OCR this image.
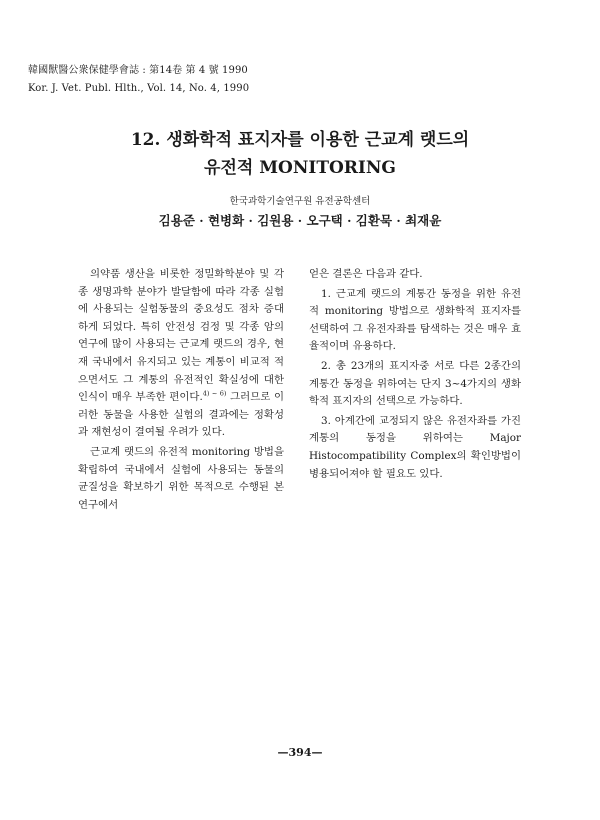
韓國獸醫公衆保健學會誌 : 第14卷 第 4 號 1990
Kor. J. Vet. Publ. Hlth., Vol. 14, No. 4, 1990
12. 생화학적 표지자를 이용한 근교계 랫드의
유전적 MONITORING
한국과학기술연구원 유전공학센터
김용준 · 현병화 · 김원용 · 오구택 · 김환묵 · 최재윤

의약품 생산을 비롯한 정밀화학분야 및 각종 생명과학 분야가 발달함에 따라 각종 실험에 사용되는 실험동물의 중요성도 점차 증대하게 되었다. 특히 안전성 검정 및 각종 암의 연구에 많이 사용되는 근교계 랫드의 경우, 현재 국내에서 유지되고 있는 계통이 비교적 적으면서도 그 계통의 유전적인 확실성에 대한 인식이 매우 부족한 편이다.$^{4) \sim 6)}$ 그러므로 이러한 동물을 사용한 실험의 결과에는 정확성과 재현성이 결여될 우려가 있다.

근교계 랫드의 유전적 monitoring 방법을 확립하여 국내에서 실험에 사용되는 동물의 균질성을 확보하기 위한 목적으로 수행된 본 연구에서

얻은 결론은 다음과 같다.

1. 근교계 랫드의 계통간 동정을 위한 유전적 monitoring 방법으로 생화학적 표지자를 선택하여 그 유전자좌를 탐색하는 것은 매우 효율적이며 유용하다.

2. 총 23개의 표지자중 서로 다른 2종간의 계통간 동정을 위하여는 단지 3~4가지의 생화학적 표지자의 선택으로 가능하다.

3. 아계간에 교정되지 않은 유전자좌를 가진 계통의 동정을 위하여는 Major Histocompatibility Complex의 확인방법이 병용되어져야 할 필요도 있다.

—394—
